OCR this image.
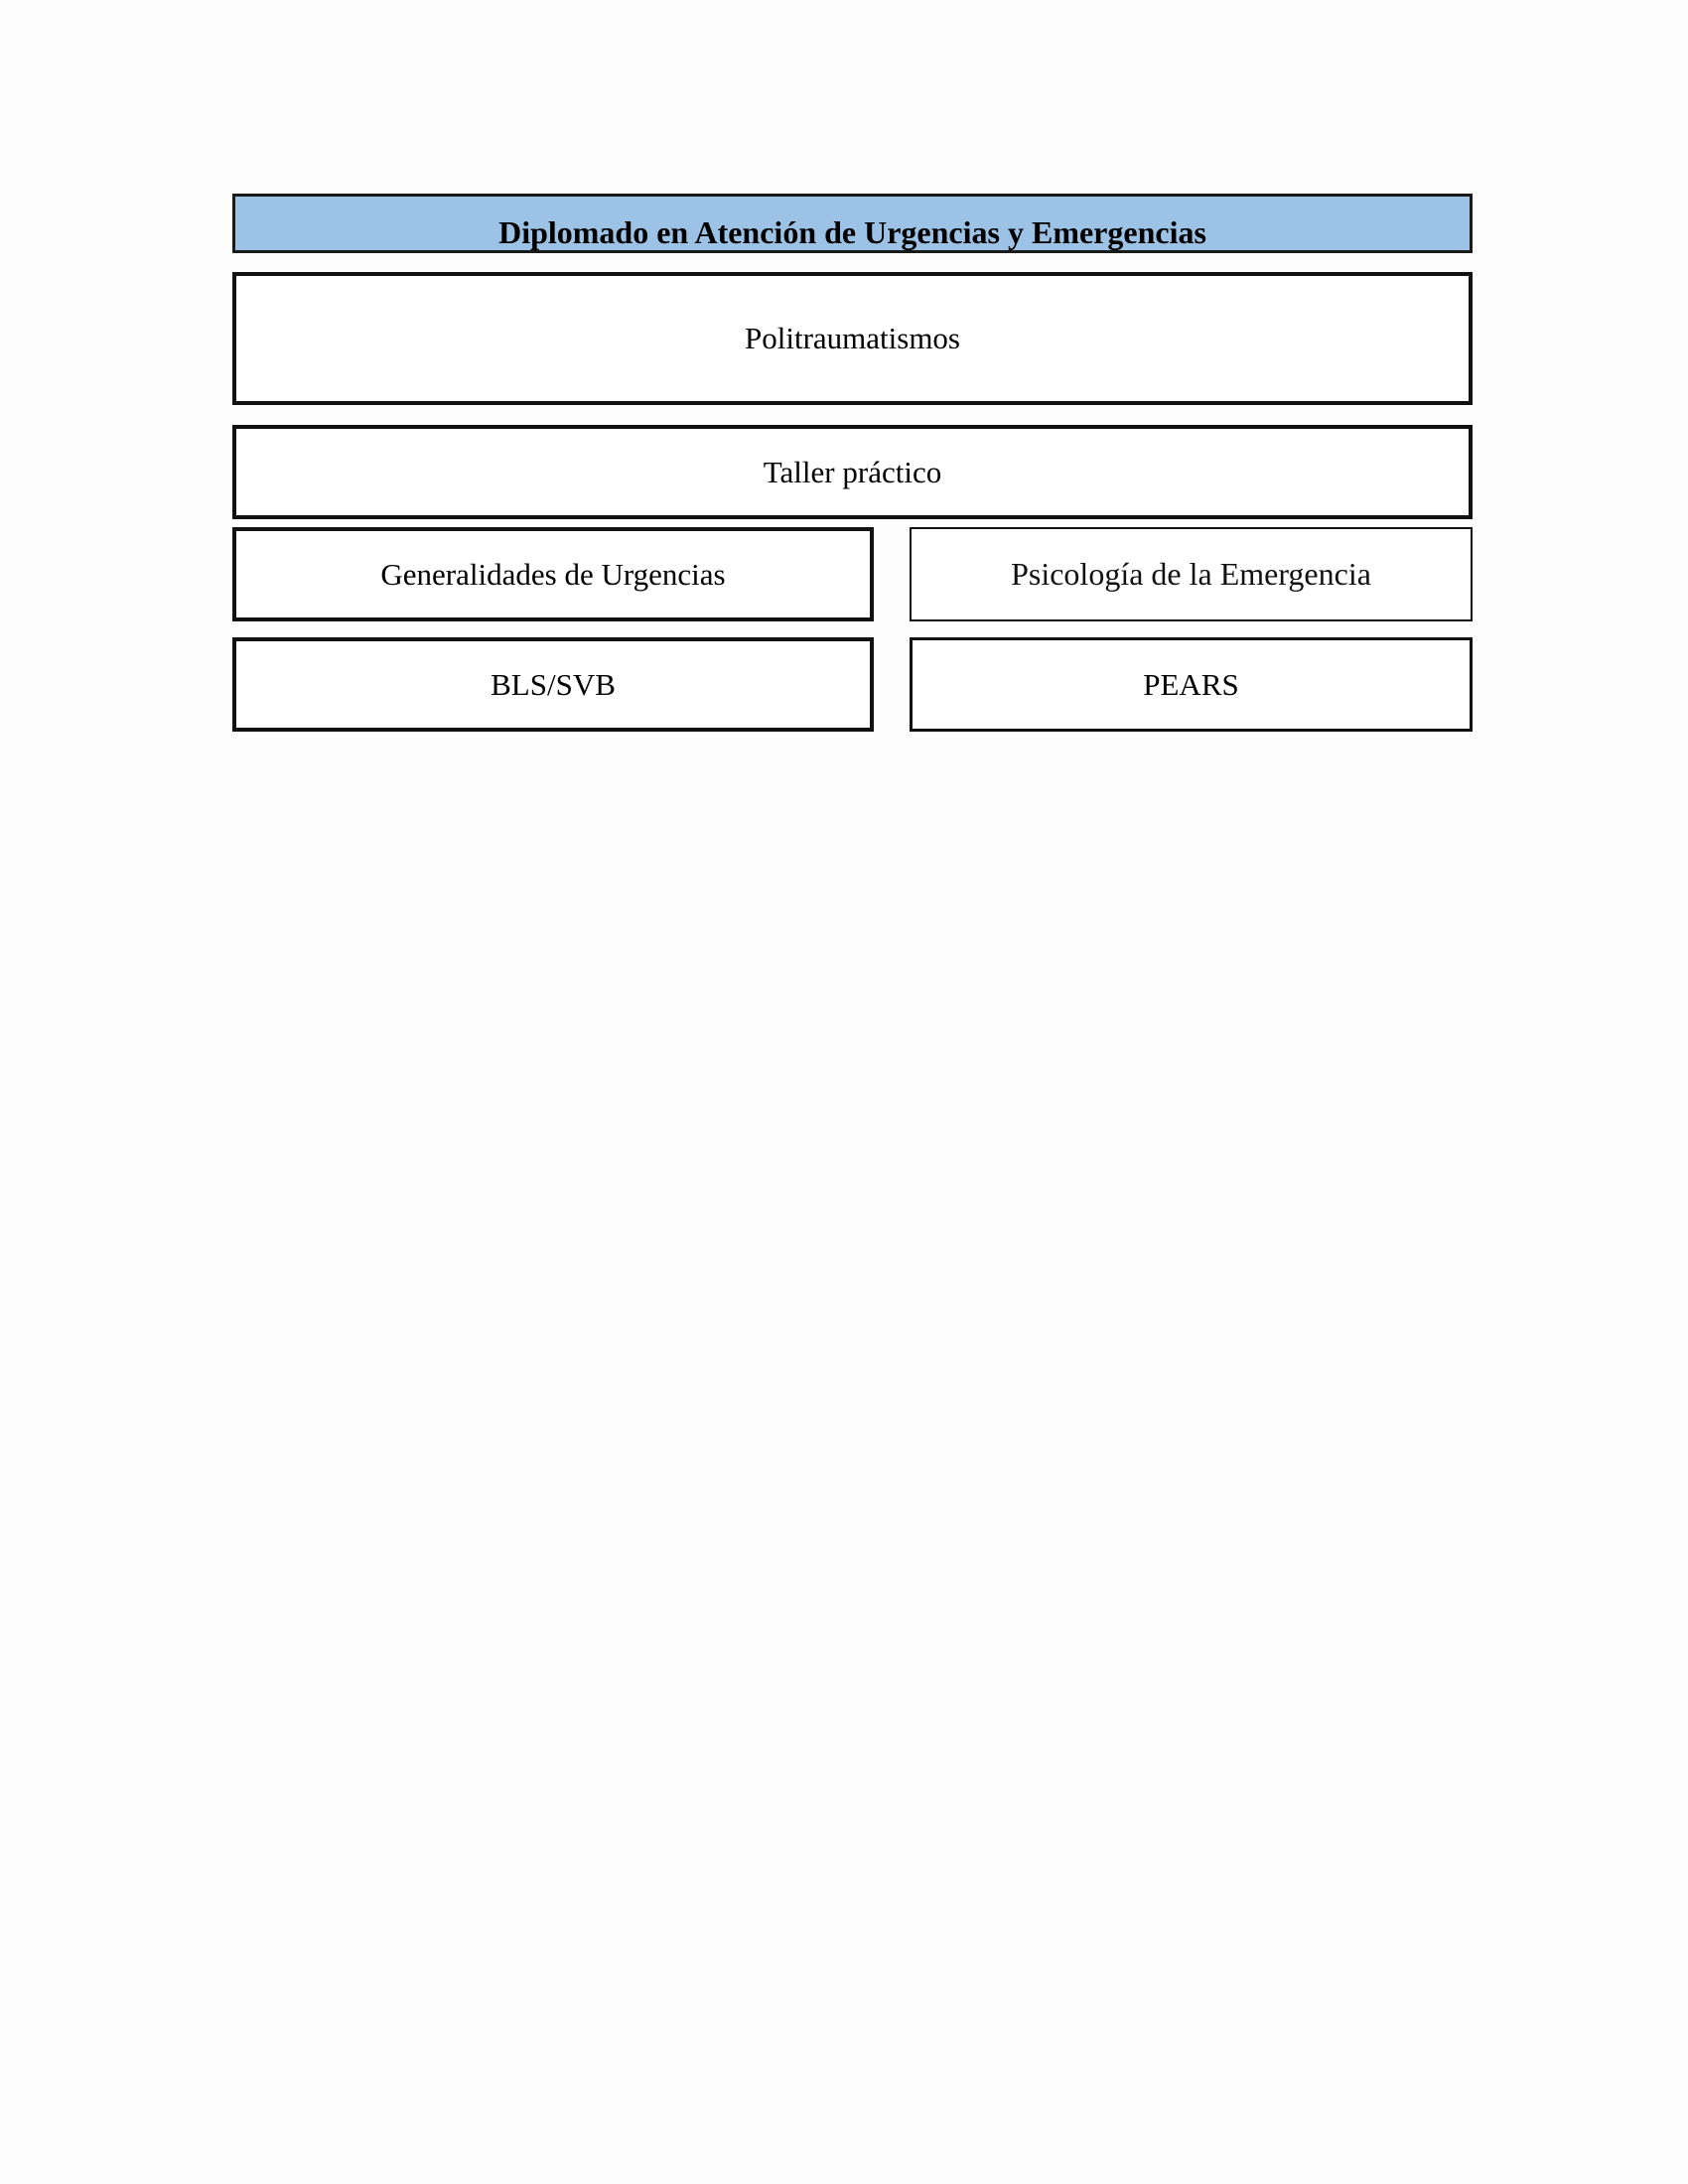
Diplomado en Atención de Urgencias y Emergencias
Politraumatismos
Taller práctico
Generalidades de Urgencias	Psicología de la Emergencia
BLS/SVB	PEARS
